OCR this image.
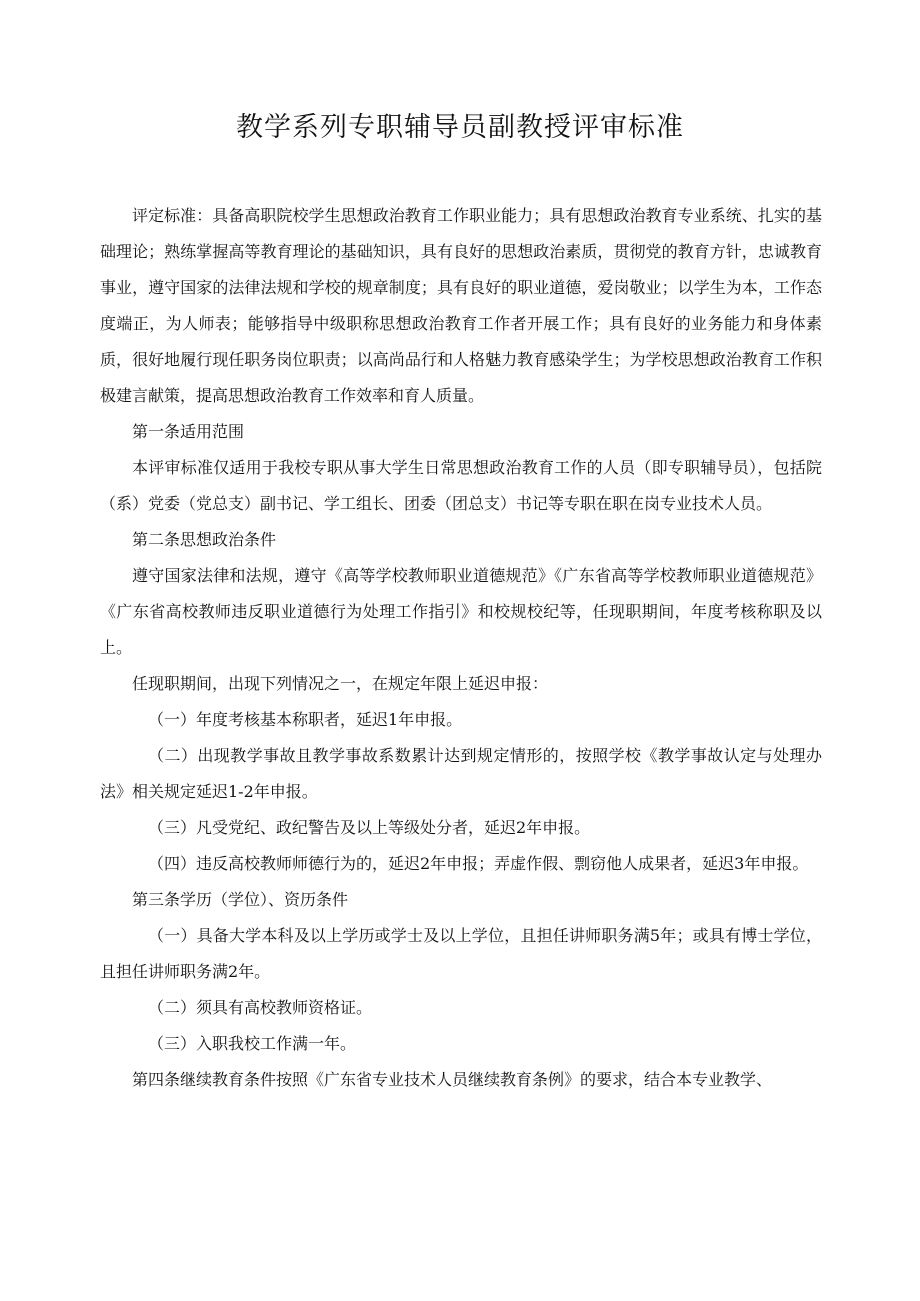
教学系列专职辅导员副教授评审标准

评定标准：具备高职院校学生思想政治教育工作职业能力；具有思想政治教育专业系统、扎实的基础理论；熟练掌握高等教育理论的基础知识，具有良好的思想政治素质，贯彻党的教育方针，忠诚教育事业，遵守国家的法律法规和学校的规章制度；具有良好的职业道德，爱岗敬业；以学生为本，工作态度端正，为人师表；能够指导中级职称思想政治教育工作者开展工作；具有良好的业务能力和身体素质，很好地履行现任职务岗位职责；以高尚品行和人格魅力教育感染学生；为学校思想政治教育工作积极建言献策，提高思想政治教育工作效率和育人质量。

第一条适用范围

本评审标准仅适用于我校专职从事大学生日常思想政治教育工作的人员（即专职辅导员），包括院（系）党委（党总支）副书记、学工组长、团委（团总支）书记等专职在职在岗专业技术人员。

第二条思想政治条件

遵守国家法律和法规，遵守《高等学校教师职业道德规范》《广东省高等学校教师职业道德规范》《广东省高校教师违反职业道德行为处理工作指引》和校规校纪等，任现职期间，年度考核称职及以上。

任现职期间，出现下列情况之一，在规定年限上延迟申报：

（一）年度考核基本称职者，延迟1年申报。

（二）出现教学事故且教学事故系数累计达到规定情形的，按照学校《教学事故认定与处理办法》相关规定延迟1-2年申报。

（三）凡受党纪、政纪警告及以上等级处分者，延迟2年申报。

（四）违反高校教师师德行为的，延迟2年申报；弄虚作假、剽窃他人成果者，延迟3年申报。

第三条学历（学位）、资历条件

（一）具备大学本科及以上学历或学士及以上学位，且担任讲师职务满5年；或具有博士学位，且担任讲师职务满2年。

（二）须具有高校教师资格证。

（三）入职我校工作满一年。

第四条继续教育条件按照《广东省专业技术人员继续教育条例》的要求，结合本专业教学、
